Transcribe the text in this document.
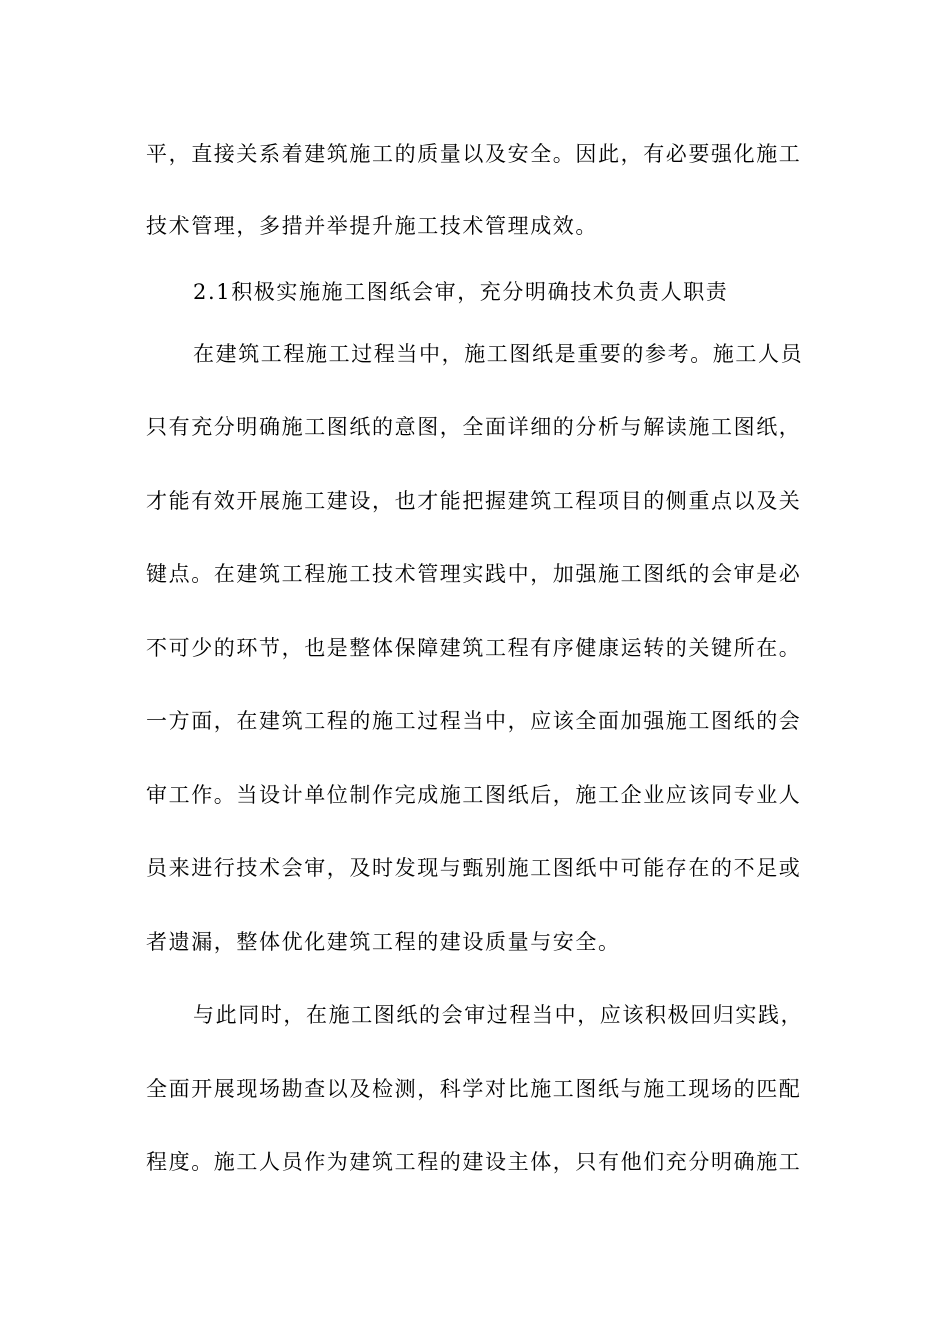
平，直接关系着建筑施工的质量以及安全。因此，有必要强化施工
技术管理，多措并举提升施工技术管理成效。
2.1积极实施施工图纸会审，充分明确技术负责人职责
在建筑工程施工过程当中，施工图纸是重要的参考。施工人员
只有充分明确施工图纸的意图，全面详细的分析与解读施工图纸，
才能有效开展施工建设，也才能把握建筑工程项目的侧重点以及关
键点。在建筑工程施工技术管理实践中，加强施工图纸的会审是必
不可少的环节，也是整体保障建筑工程有序健康运转的关键所在。
一方面，在建筑工程的施工过程当中，应该全面加强施工图纸的会
审工作。当设计单位制作完成施工图纸后，施工企业应该同专业人
员来进行技术会审，及时发现与甄别施工图纸中可能存在的不足或
者遗漏，整体优化建筑工程的建设质量与安全。
与此同时，在施工图纸的会审过程当中，应该积极回归实践，
全面开展现场勘查以及检测，科学对比施工图纸与施工现场的匹配
程度。施工人员作为建筑工程的建设主体，只有他们充分明确施工
